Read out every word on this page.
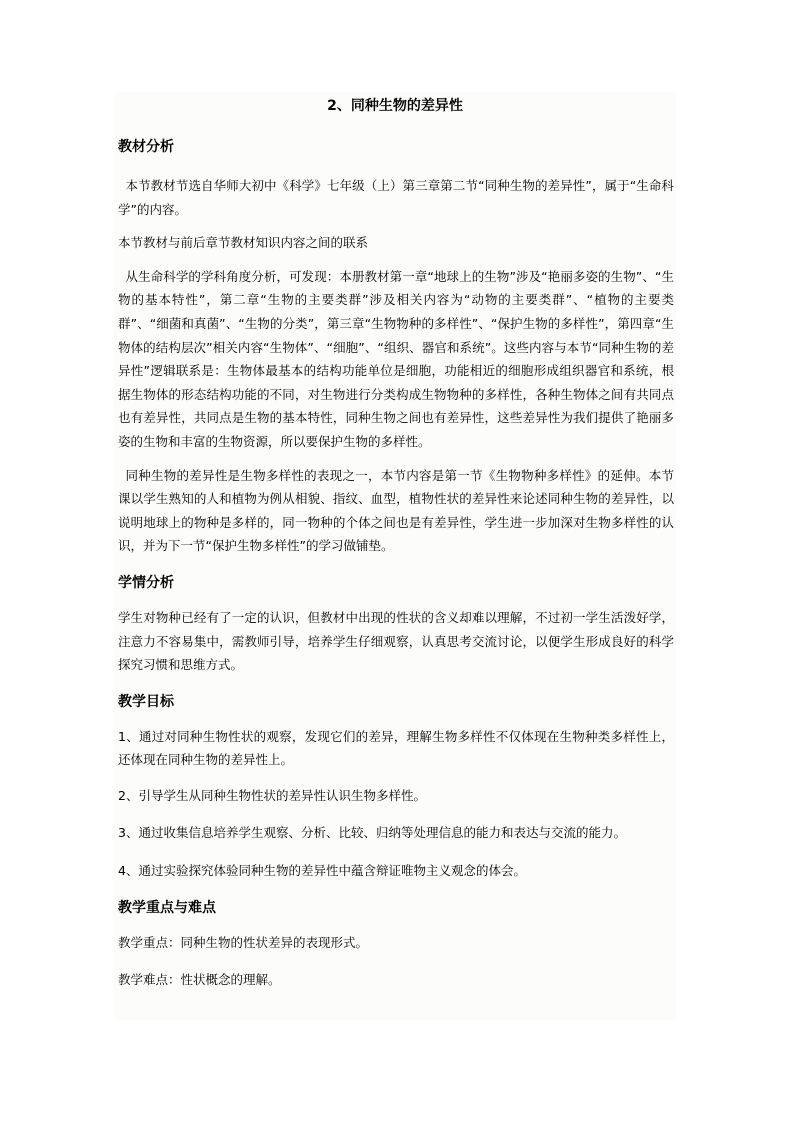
2、同种生物的差异性
教材分析
本节教材节选自华师大初中《科学》七年级（上）第三章第二节“同种生物的差异性”，属于“生命科学”的内容。
本节教材与前后章节教材知识内容之间的联系
从生命科学的学科角度分析，可发现：本册教材第一章“地球上的生物”涉及“艳丽多姿的生物”、“生物的基本特性”，第二章“生物的主要类群”涉及相关内容为“动物的主要类群”、“植物的主要类群”、“细菌和真菌”、“生物的分类”，第三章“生物物种的多样性”、“保护生物的多样性”，第四章“生物体的结构层次”相关内容“生物体”、“细胞”、“组织、器官和系统”。这些内容与本节“同种生物的差异性”逻辑联系是：生物体最基本的结构功能单位是细胞，功能相近的细胞形成组织器官和系统，根据生物体的形态结构功能的不同，对生物进行分类构成生物物种的多样性，各种生物体之间有共同点也有差异性，共同点是生物的基本特性，同种生物之间也有差异性，这些差异性为我们提供了艳丽多姿的生物和丰富的生物资源，所以要保护生物的多样性。
同种生物的差异性是生物多样性的表现之一，本节内容是第一节《生物物种多样性》的延伸。本节课以学生熟知的人和植物为例从相貌、指纹、血型，植物性状的差异性来论述同种生物的差异性，以说明地球上的物种是多样的，同一物种的个体之间也是有差异性，学生进一步加深对生物多样性的认识，并为下一节“保护生物多样性”的学习做铺垫。
学情分析
学生对物种已经有了一定的认识，但教材中出现的性状的含义却难以理解，不过初一学生活泼好学，注意力不容易集中，需教师引导，培养学生仔细观察，认真思考交流讨论，以便学生形成良好的科学探究习惯和思维方式。
教学目标
1、通过对同种生物性状的观察，发现它们的差异，理解生物多样性不仅体现在生物种类多样性上，还体现在同种生物的差异性上。
2、引导学生从同种生物性状的差异性认识生物多样性。
3、通过收集信息培养学生观察、分析、比较、归纳等处理信息的能力和表达与交流的能力。
4、通过实验探究体验同种生物的差异性中蕴含辩证唯物主义观念的体会。
教学重点与难点
教学重点：同种生物的性状差异的表现形式。
教学难点：性状概念的理解。
